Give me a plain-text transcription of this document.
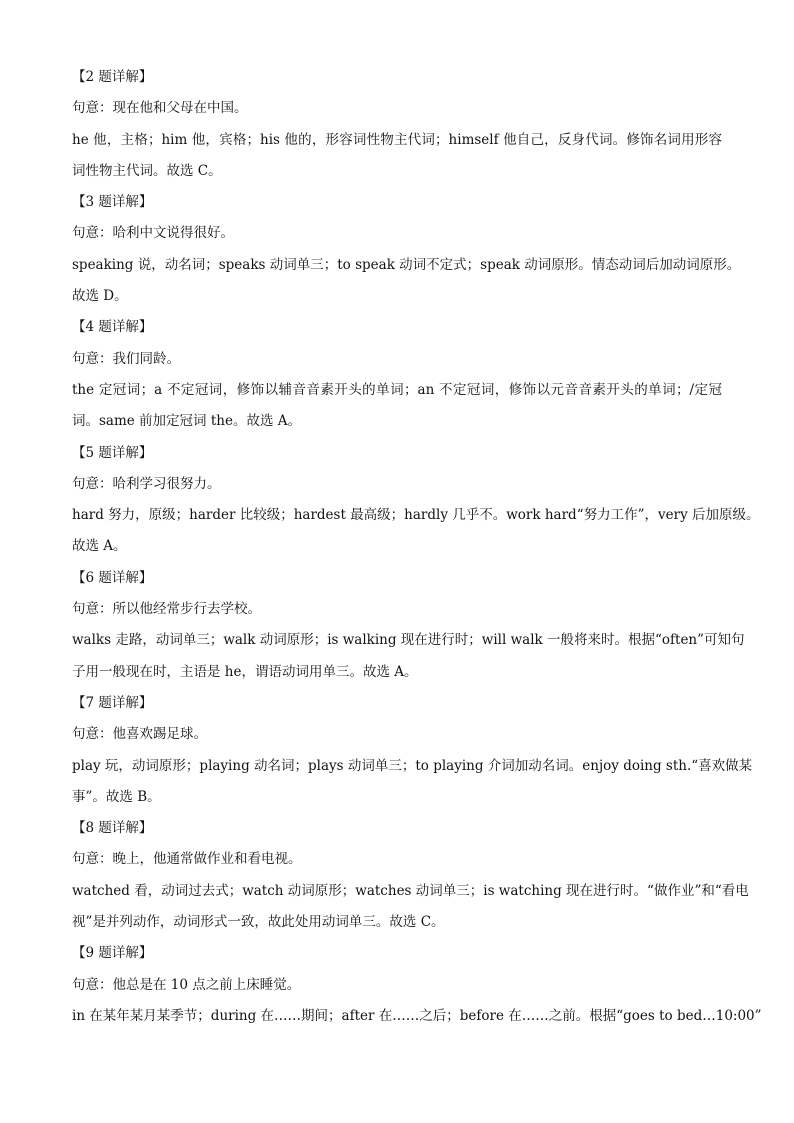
【2 题详解】
句意：现在他和父母在中国。
he 他，主格；him 他，宾格；his 他的，形容词性物主代词；himself 他自己，反身代词。修饰名词用形容
词性物主代词。故选 C。
【3 题详解】
句意：哈利中文说得很好。
speaking 说，动名词；speaks 动词单三；to speak 动词不定式；speak 动词原形。情态动词后加动词原形。
故选 D。
【4 题详解】
句意：我们同龄。
the 定冠词；a 不定冠词，修饰以辅音音素开头的单词；an 不定冠词，修饰以元音音素开头的单词；/定冠
词。same 前加定冠词 the。故选 A。
【5 题详解】
句意：哈利学习很努力。
hard 努力，原级；harder 比较级；hardest 最高级；hardly 几乎不。work hard“努力工作”，very 后加原级。
故选 A。
【6 题详解】
句意：所以他经常步行去学校。
walks 走路，动词单三；walk 动词原形；is walking 现在进行时；will walk 一般将来时。根据“often”可知句
子用一般现在时，主语是 he，谓语动词用单三。故选 A。
【7 题详解】
句意：他喜欢踢足球。
play 玩，动词原形；playing 动名词；plays 动词单三；to playing 介词加动名词。enjoy doing sth.“喜欢做某
事”。故选 B。
【8 题详解】
句意：晚上，他通常做作业和看电视。
watched 看，动词过去式；watch 动词原形；watches 动词单三；is watching 现在进行时。“做作业”和“看电
视”是并列动作，动词形式一致，故此处用动词单三。故选 C。
【9 题详解】
句意：他总是在 10 点之前上床睡觉。
in 在某年某月某季节；during 在……期间；after 在……之后；before 在……之前。根据“goes to bed…10:00”
